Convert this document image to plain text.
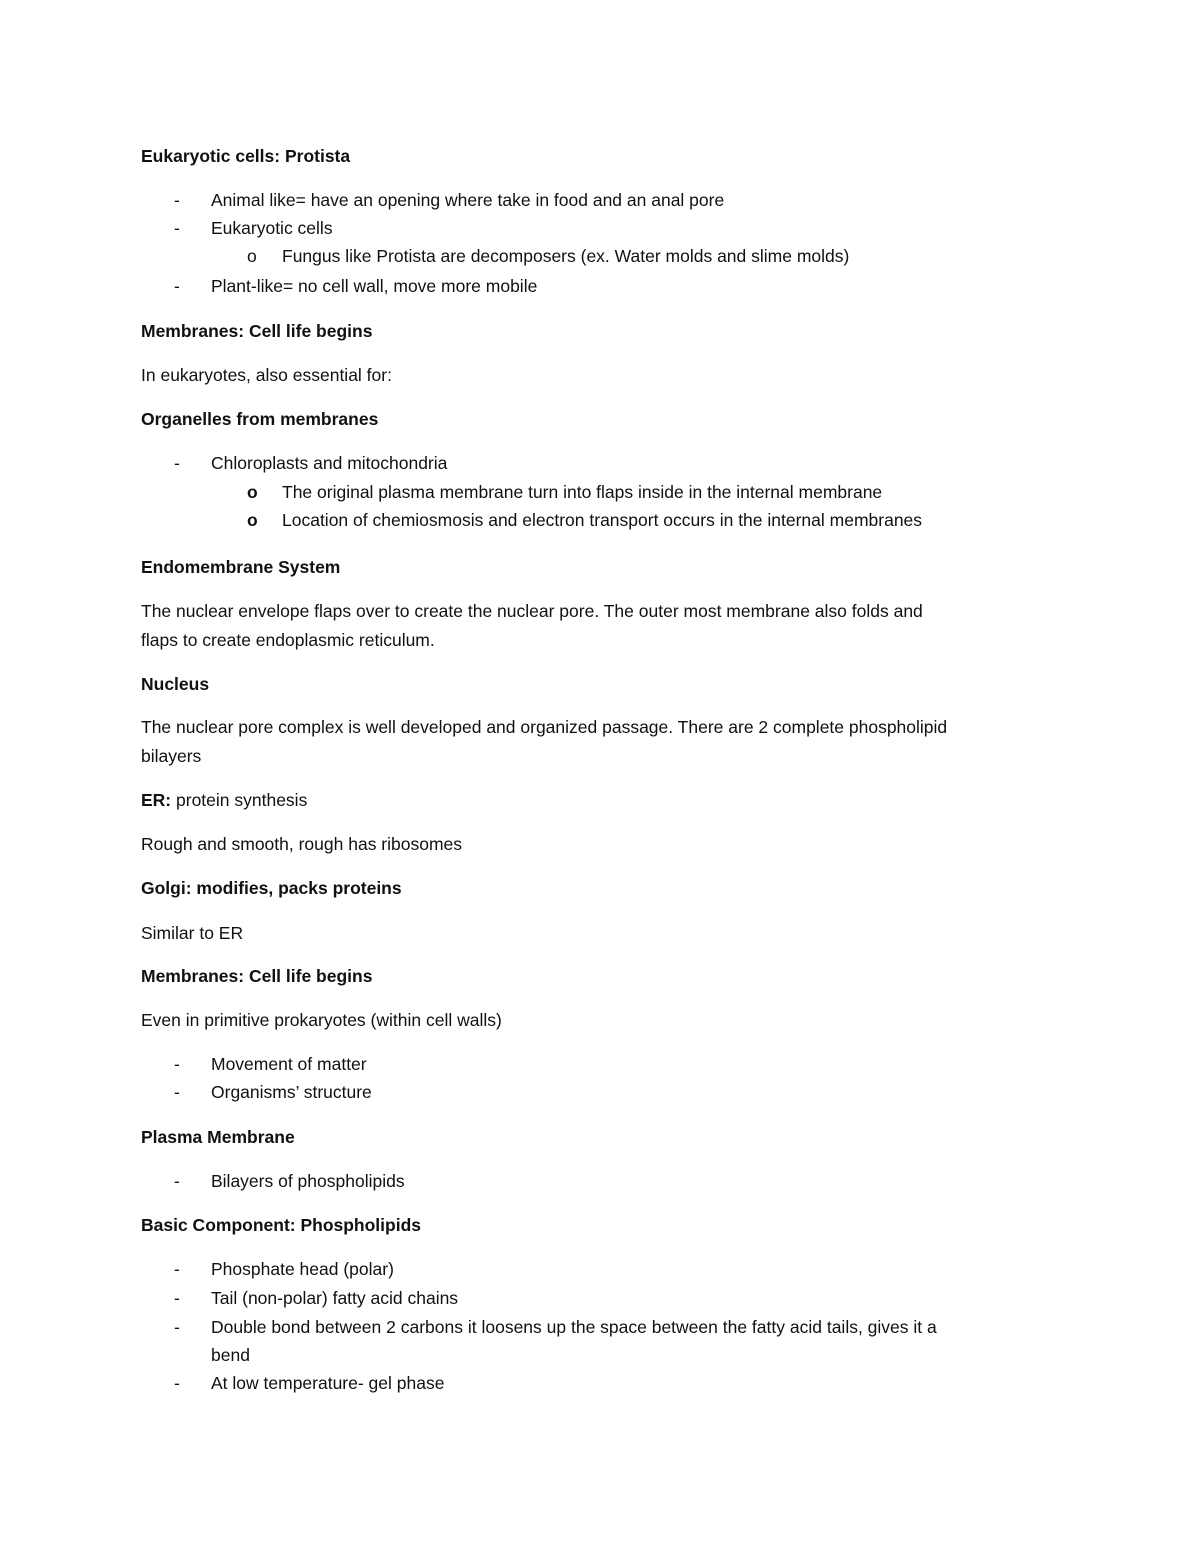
Eukaryotic cells: Protista
- Animal like= have an opening where take in food and an anal pore
- Eukaryotic cells
o Fungus like Protista are decomposers (ex. Water molds and slime molds)
- Plant-like= no cell wall, move more mobile
Membranes: Cell life begins
In eukaryotes, also essential for:
Organelles from membranes
- Chloroplasts and mitochondria
o The original plasma membrane turn into flaps inside in the internal membrane
o Location of chemiosmosis and electron transport occurs in the internal membranes
Endomembrane System
The nuclear envelope flaps over to create the nuclear pore. The outer most membrane also folds and
flaps to create endoplasmic reticulum.
Nucleus
The nuclear pore complex is well developed and organized passage. There are 2 complete phospholipid
bilayers
ER: protein synthesis
Rough and smooth, rough has ribosomes
Golgi: modifies, packs proteins
Similar to ER
Membranes: Cell life begins
Even in primitive prokaryotes (within cell walls)
- Movement of matter
- Organisms’ structure
Plasma Membrane
- Bilayers of phospholipids
Basic Component: Phospholipids
- Phosphate head (polar)
- Tail (non-polar) fatty acid chains
- Double bond between 2 carbons it loosens up the space between the fatty acid tails, gives it a
bend
- At low temperature- gel phase
